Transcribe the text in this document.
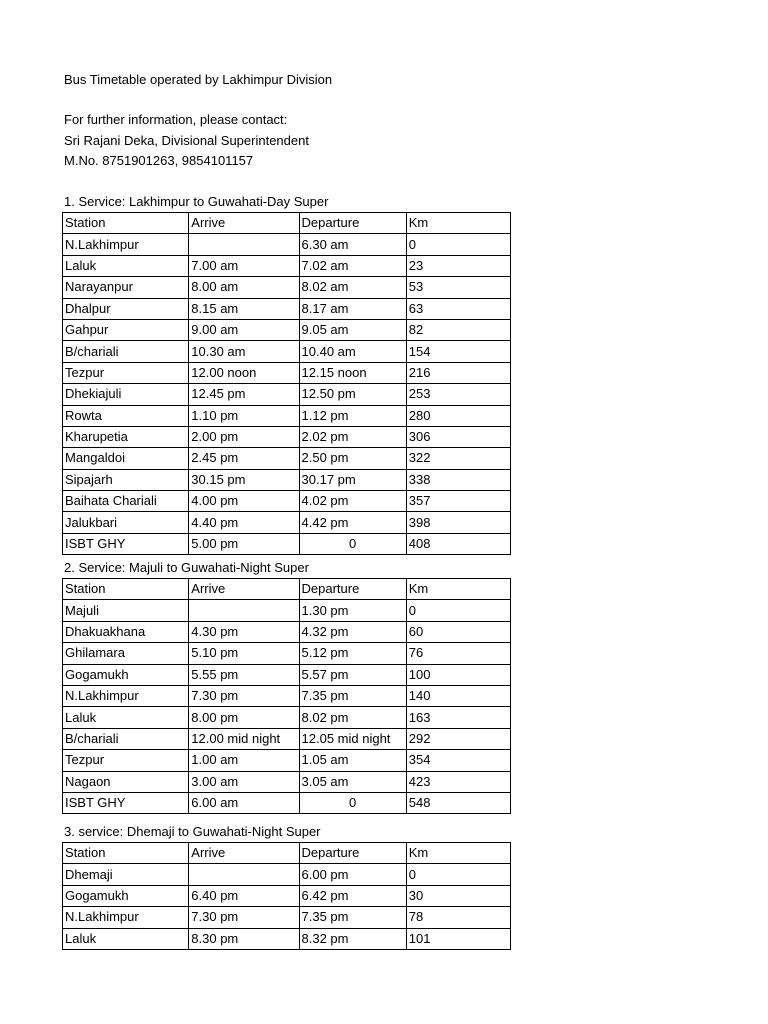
Bus Timetable operated by Lakhimpur Division
For further information, please contact:
Sri Rajani Deka, Divisional Superintendent
M.No. 8751901263, 9854101157
1. Service: Lakhimpur to Guwahati-Day Super
Station	Arrive	Departure	Km
N.Lakhimpur		6.30 am	0
Laluk	7.00 am	7.02 am	23
Narayanpur	8.00 am	8.02 am	53
Dhalpur	8.15 am	8.17 am	63
Gahpur	9.00 am	9.05 am	82
B/chariali	10.30 am	10.40 am	154
Tezpur	12.00 noon	12.15 noon	216
Dhekiajuli	12.45 pm	12.50 pm	253
Rowta	1.10 pm	1.12 pm	280
Kharupetia	2.00 pm	2.02 pm	306
Mangaldoi	2.45 pm	2.50 pm	322
Sipajarh	30.15 pm	30.17 pm	338
Baihata Chariali	4.00 pm	4.02 pm	357
Jalukbari	4.40 pm	4.42 pm	398
ISBT GHY	5.00 pm	0	408
2. Service: Majuli to Guwahati-Night Super
Station	Arrive	Departure	Km
Majuli		1.30 pm	0
Dhakuakhana	4.30 pm	4.32 pm	60
Ghilamara	5.10 pm	5.12 pm	76
Gogamukh	5.55 pm	5.57 pm	100
N.Lakhimpur	7.30 pm	7.35 pm	140
Laluk	8.00 pm	8.02 pm	163
B/chariali	12.00 mid night	12.05 mid night	292
Tezpur	1.00 am	1.05 am	354
Nagaon	3.00 am	3.05 am	423
ISBT GHY	6.00 am	0	548
3. service: Dhemaji to Guwahati-Night Super
Station	Arrive	Departure	Km
Dhemaji		6.00 pm	0
Gogamukh	6.40 pm	6.42 pm	30
N.Lakhimpur	7.30 pm	7.35 pm	78
Laluk	8.30 pm	8.32 pm	101
